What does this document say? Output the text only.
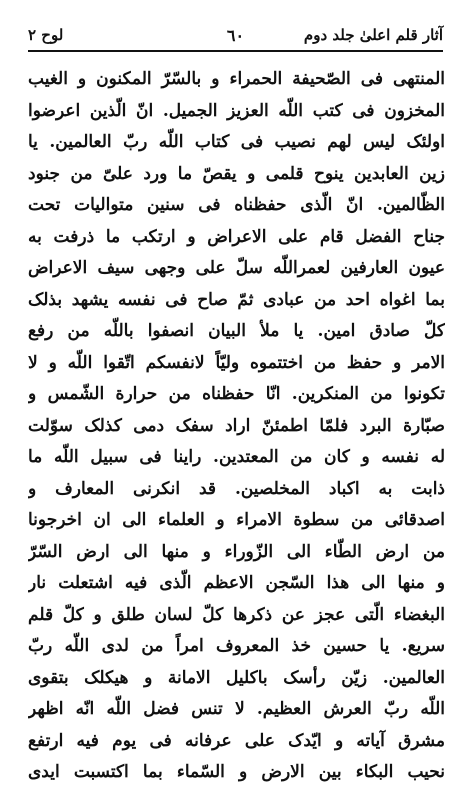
آثار قلم اعلیٰ جلد دوم
٦٠
لوح ٢
المنتهی فی الصّحیفة الحمراء و بالسّرّ المکنون و الغیب
المخزون فی کتب اللّه العزیز الجمیل. انّ الّذین اعرضوا
اولئک لیس لهم نصیب فی کتاب اللّه ربّ العالمین. یا
زین العابدین ینوح قلمی و یقصّ ما ورد علیّ من جنود
الظّالمین. انّ الّذی حفظناه فی سنین متوالیات تحت
جناح الفضل قام علی الاعراض و ارتکب ما ذرفت به
عیون العارفین لعمراللّه سلّ علی وجهی سیف الاعراض
بما اغواه احد من عبادی ثمّ صاح فی نفسه یشهد بذلک
کلّ صادق امین. یا ملأ البیان انصفوا باللّه من رفع
الامر و حفظ من اختتموه ولیّاً لانفسکم اتّقوا اللّه و لا
تکونوا من المنکرین. انّا حفظناه من حرارة الشّمس و
صبّارة البرد فلمّا اطمئنّ اراد سفک دمی کذلک سوّلت
له نفسه و کان من المعتدین. راینا فی سبیل اللّه ما
ذابت به اکباد المخلصین. قد انکرنی المعارف و
اصدقائی من سطوة الامراء و العلماء الی ان اخرجونا
من ارض الطّاء الی الزّوراء و منها الی ارض السّرّ
و منها الی هذا السّجن الاعظم الّذی فیه اشتعلت نار
البغضاء الّتی عجز عن ذکرها کلّ لسان طلق و کلّ قلم
سریع. یا حسین خذ المعروف امراً من لدی اللّه ربّ
العالمین. زیّن رأسک باکلیل الامانة و هیکلک بتقوی
اللّه ربّ العرش العظیم. لا تنس فضل اللّه انّه اظهر
مشرق آیاته و ایّدک علی عرفانه فی یوم فیه ارتفع
نحیب البکاء بین الارض و السّماء بما اکتسبت ایدی
